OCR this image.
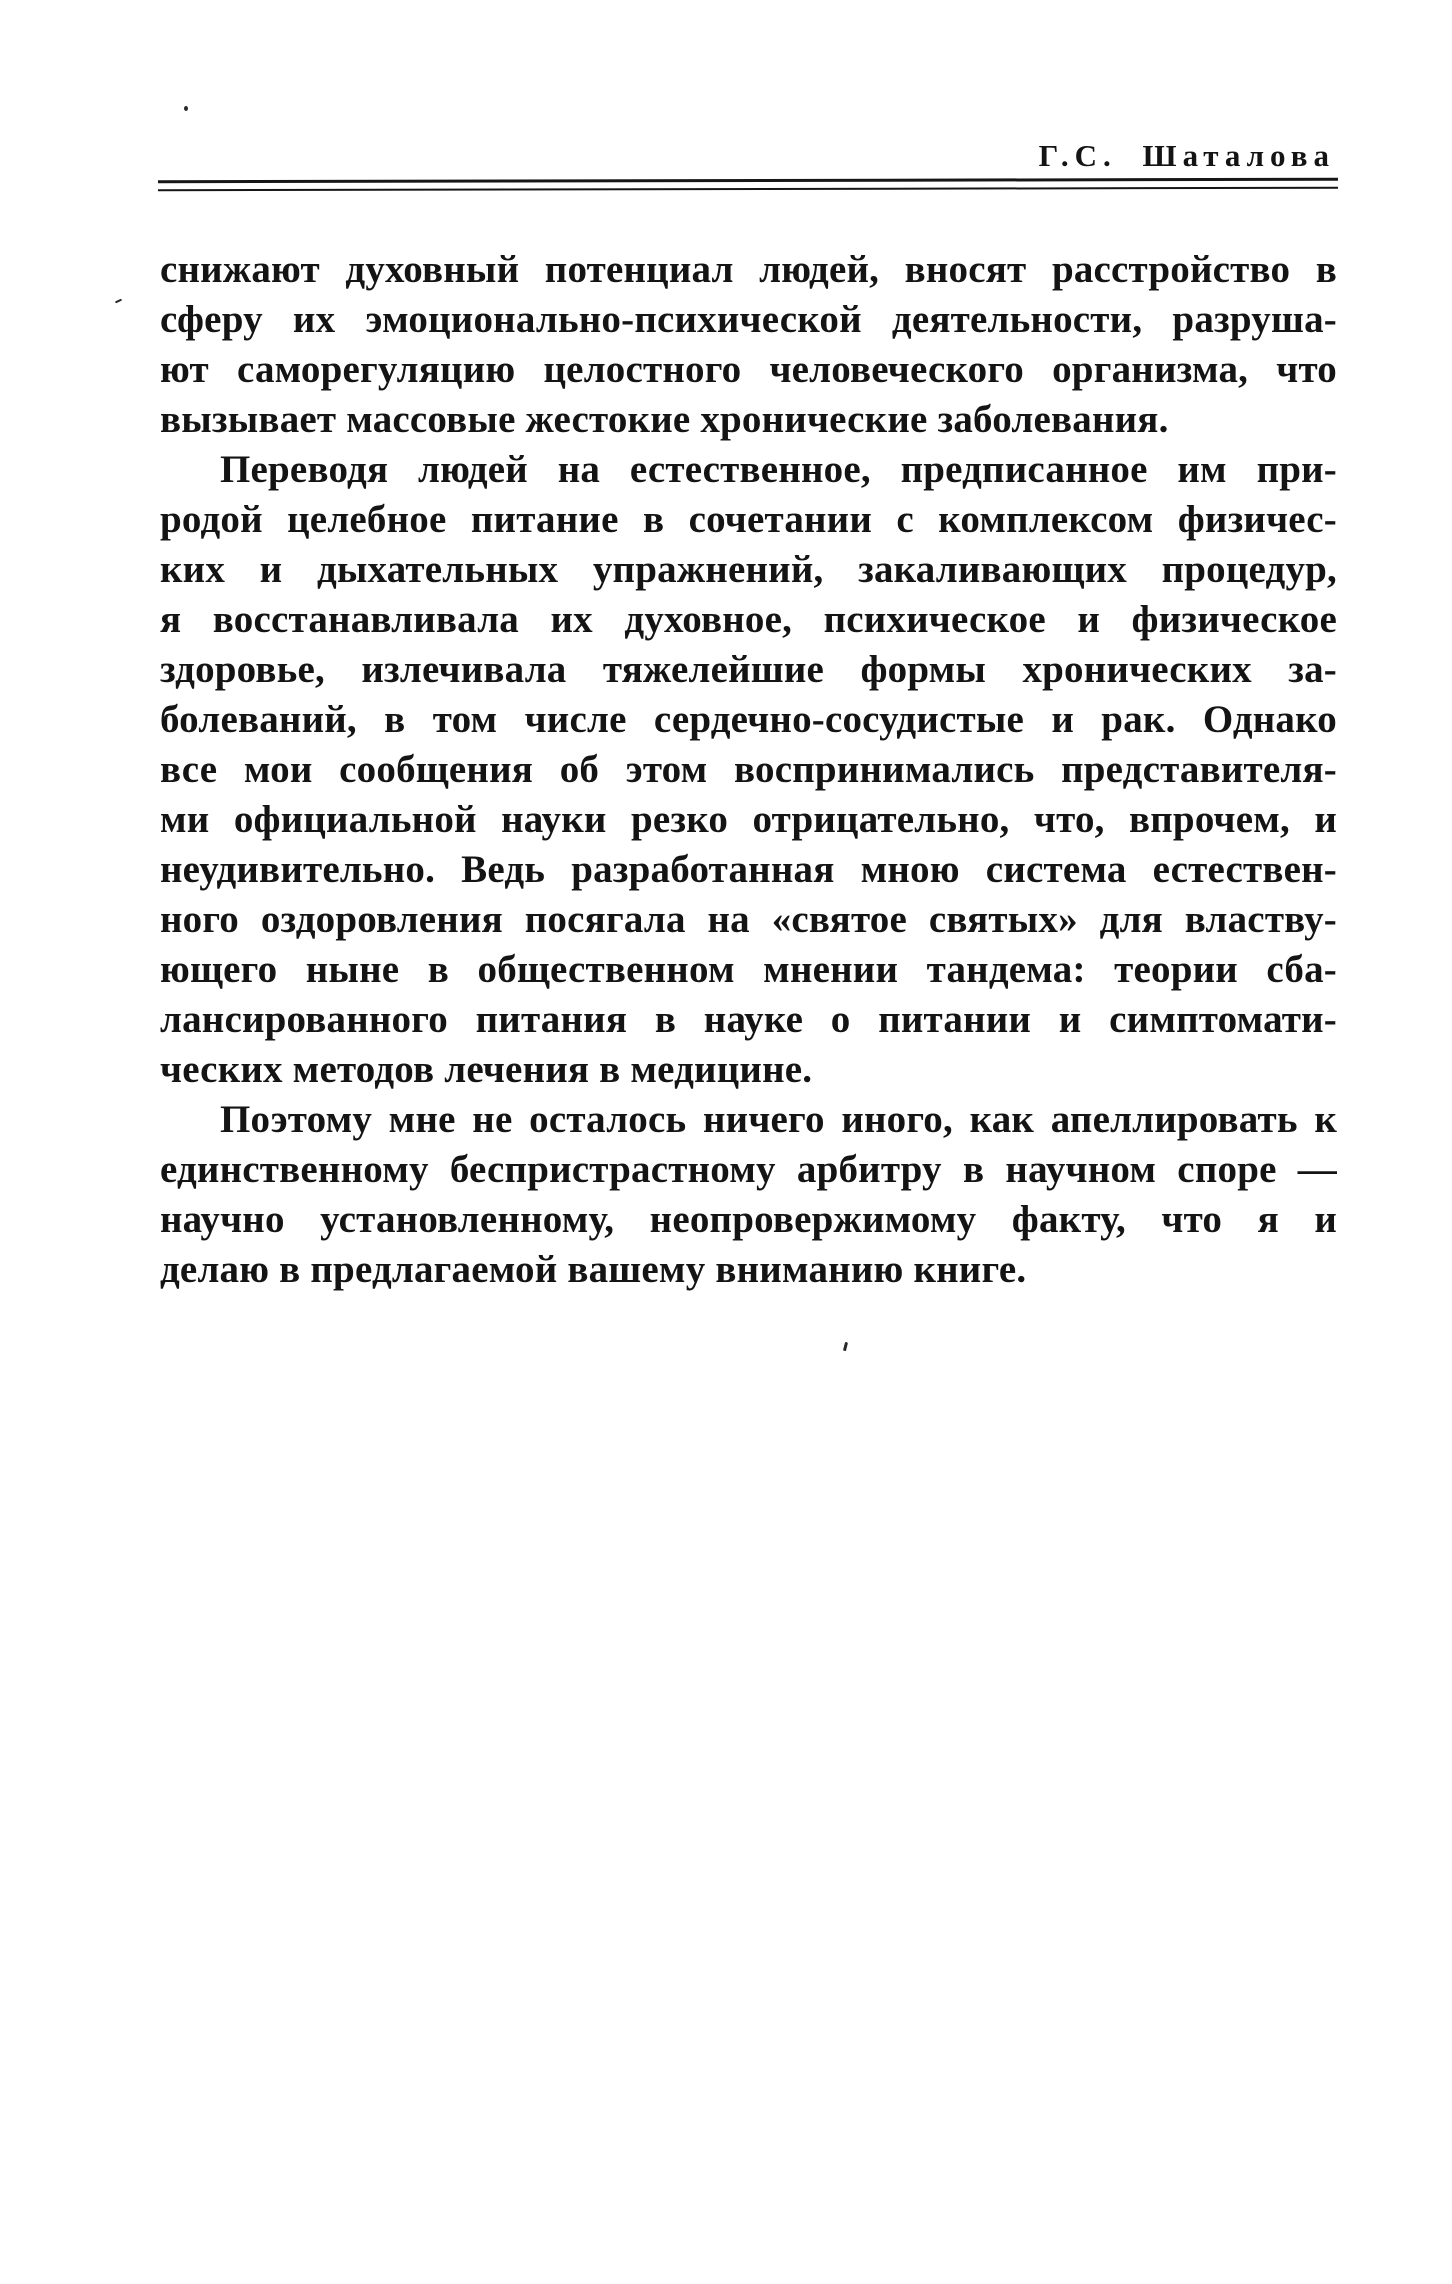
Г.С. Шаталова
снижают духовный потенциал людей, вносят расстройство в
сферу их эмоционально-психической деятельности, разруша-
ют саморегуляцию целостного человеческого организма, что
вызывает массовые жестокие хронические заболевания.
Переводя людей на естественное, предписанное им при-
родой целебное питание в сочетании с комплексом физичес-
ких и дыхательных упражнений, закаливающих процедур,
я восстанавливала их духовное, психическое и физическое
здоровье, излечивала тяжелейшие формы хронических за-
болеваний, в том числе сердечно-сосудистые и рак. Однако
все мои сообщения об этом воспринимались представителя-
ми официальной науки резко отрицательно, что, впрочем, и
неудивительно. Ведь разработанная мною система естествен-
ного оздоровления посягала на «святое святых» для властву-
ющего ныне в общественном мнении тандема: теории сба-
лансированного питания в науке о питании и симптомати-
ческих методов лечения в медицине.
Поэтому мне не осталось ничего иного, как апеллировать к
единственному беспристрастному арбитру в научном споре —
научно установленному, неопровержимому факту, что я и
делаю в предлагаемой вашему вниманию книге.
